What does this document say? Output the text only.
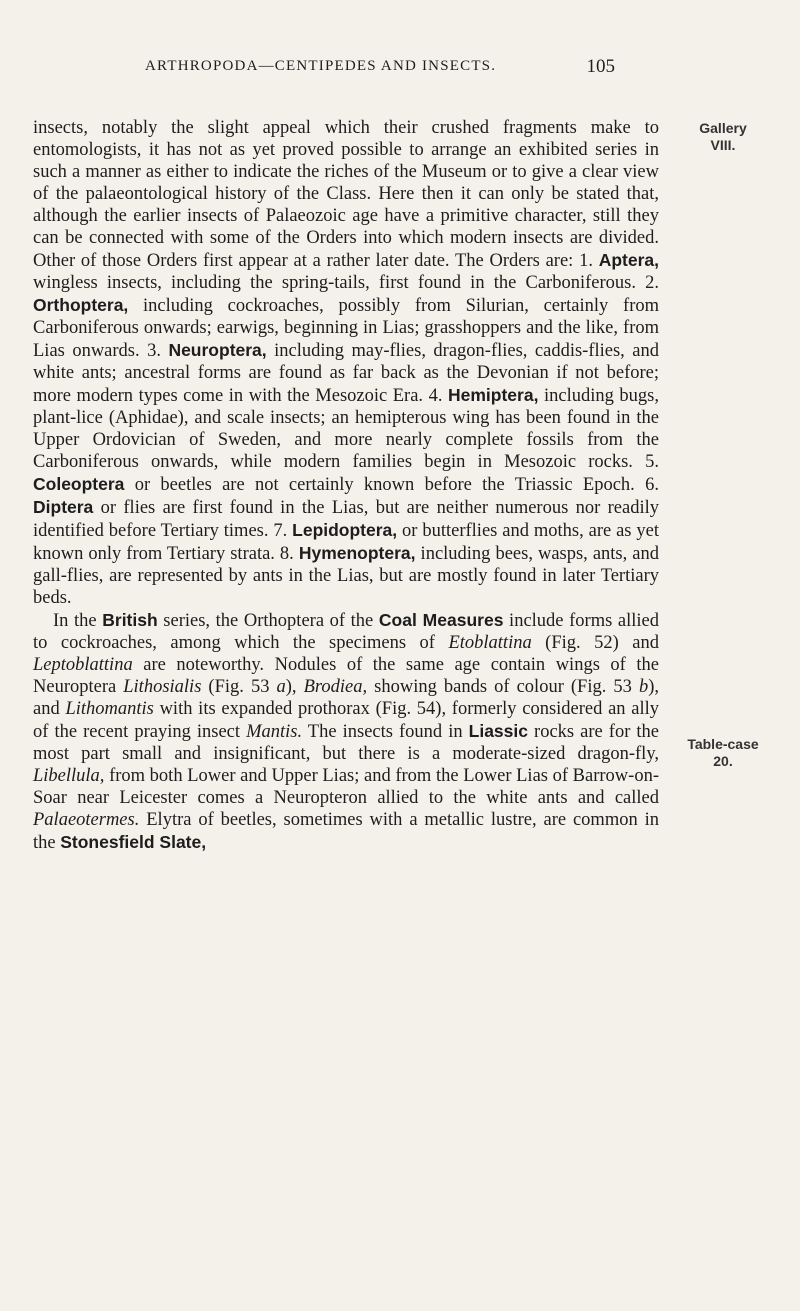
ARTHROPODA—CENTIPEDES AND INSECTS.	105
Gallery
VIII.
Table-case
20.

insects, notably the slight appeal which their crushed fragments make to entomologists, it has not as yet proved possible to arrange an exhibited series in such a manner as either to indicate the riches of the Museum or to give a clear view of the palaeontological history of the Class. Here then it can only be stated that, although the earlier insects of Palaeozoic age have a primitive character, still they can be connected with some of the Orders into which modern insects are divided. Other of those Orders first appear at a rather later date. The Orders are: 1. Aptera, wingless insects, including the spring-tails, first found in the Carboniferous. 2. Orthoptera, including cockroaches, possibly from Silurian, certainly from Carboniferous onwards; earwigs, beginning in Lias; grasshoppers and the like, from Lias onwards. 3. Neuroptera, including may-flies, dragon-flies, caddis-flies, and white ants; ancestral forms are found as far back as the Devonian if not before; more modern types come in with the Mesozoic Era. 4. Hemiptera, including bugs, plant-lice (Aphidae), and scale insects; an hemipterous wing has been found in the Upper Ordovician of Sweden, and more nearly complete fossils from the Carboniferous onwards, while modern families begin in Mesozoic rocks. 5. Coleoptera or beetles are not certainly known before the Triassic Epoch. 6. Diptera or flies are first found in the Lias, but are neither numerous nor readily identified before Tertiary times. 7. Lepidoptera, or butterflies and moths, are as yet known only from Tertiary strata. 8. Hymenoptera, including bees, wasps, ants, and gall-flies, are represented by ants in the Lias, but are mostly found in later Tertiary beds.

In the British series, the Orthoptera of the Coal Measures include forms allied to cockroaches, among which the specimens of Etoblattina (Fig. 52) and Leptoblattina are noteworthy. Nodules of the same age contain wings of the Neuroptera Lithosialis (Fig. 53 a), Brodiea, showing bands of colour (Fig. 53 b), and Lithomantis with its expanded prothorax (Fig. 54), formerly considered an ally of the recent praying insect Mantis. The insects found in Liassic rocks are for the most part small and insignificant, but there is a moderate-sized dragon-fly, Libellula, from both Lower and Upper Lias; and from the Lower Lias of Barrow-on-Soar near Leicester comes a Neuropteron allied to the white ants and called Palaeotermes. Elytra of beetles, sometimes with a metallic lustre, are common in the Stonesfield Slate,
